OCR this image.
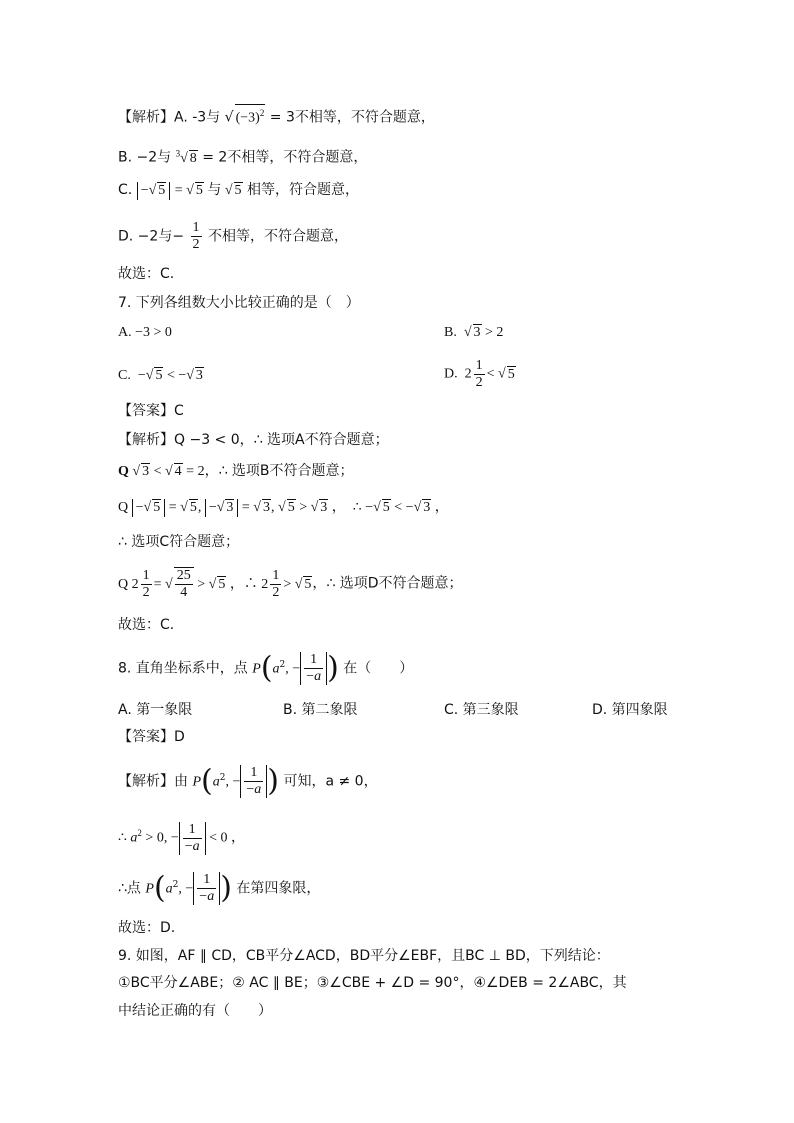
【解析】A. -3与 √ $(-3)^2 = 3$不相等，不符合题意，
B. −2与 $^3$√ 8 = 2不相等，不符合题意，
C. −√ 5 = √ 5 与 √ 5 相等，符合题意，
D. −2与− $\frac{1}{2}$ 不相等，不符合题意，
故选：C.
7. 下列各组数大小比较正确的是（　）
A. −3 > 0	B.  √ 3 > 2
C.  −√ 5 < −√ 3	D.  $2 \frac{1}{2}$ < √ 5
【答案】C
【解析】Q −3 < 0，∴ 选项A不符合题意；
Q √ 3 < √ 4 = 2，∴ 选项B不符合题意；
Q −√ 5 = √ 5, −√ 3 = √ 3, √ 5 > √ 3 ，  ∴ −√ 5 < −√ 3 ，
∴ 选项C符合题意；
Q $2 \frac{1}{2}$ = √ $\frac{25}{4}$ > √ 5 ，∴ $2 \frac{1}{2}$ > √ 5，∴ 选项D不符合题意；
故选：C.
8. 直角坐标系中，点 $P(a^2$, − $\frac{1}{-a}$ ) 在（　　）
A. 第一象限	B. 第二象限	C. 第三象限	D. 第四象限
【答案】D
【解析】由 $P(a^2$, − $\frac{1}{-a}$ ) 可知，a ≠ 0，
∴ $a^2 > 0$, − $\frac{1}{-a} < 0$ ，
∴点 $P(a^2$, − $\frac{1}{-a}$ ) 在第四象限，
故选：D.
9. 如图，AF ∥ CD，CB平分∠ACD，BD平分∠EBF，且BC ⊥ BD，下列结论：
①BC平分∠ABE；② AC ∥ BE；③∠CBE + ∠D = 90°，④∠DEB = 2∠ABC，其
中结论正确的有（　　）
